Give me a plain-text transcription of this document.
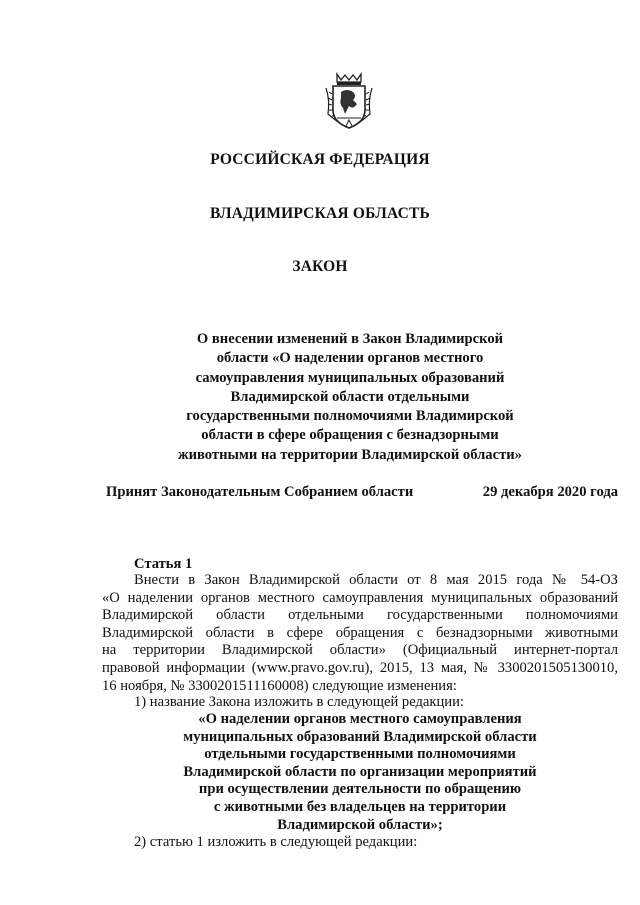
РОССИЙСКАЯ ФЕДЕРАЦИЯ
ВЛАДИМИРСКАЯ ОБЛАСТЬ
ЗАКОН
О внесении изменений в Закон Владимирской
области «О наделении органов местного
самоуправления муниципальных образований
Владимирской области отдельными
государственными полномочиями Владимирской
области в сфере обращения с безнадзорными
животными на территории Владимирской области»
Принят Законодательным Собранием области	29 декабря 2020 года
Статья 1
Внести в Закон Владимирской области от 8 мая 2015 года № 54-ОЗ
«О наделении органов местного самоуправления муниципальных образований
Владимирской области отдельными государственными полномочиями
Владимирской области в сфере обращения с безнадзорными животными
на территории Владимирской области» (Официальный интернет-портал
правовой информации (www.pravo.gov.ru), 2015, 13 мая, № 3300201505130010,
16 ноября, № 3300201511160008) следующие изменения:
1) название Закона изложить в следующей редакции:
«О наделении органов местного самоуправления
муниципальных образований Владимирской области
отдельными государственными полномочиями
Владимирской области по организации мероприятий
при осуществлении деятельности по обращению
с животными без владельцев на территории
Владимирской области»;
2) статью 1 изложить в следующей редакции:
